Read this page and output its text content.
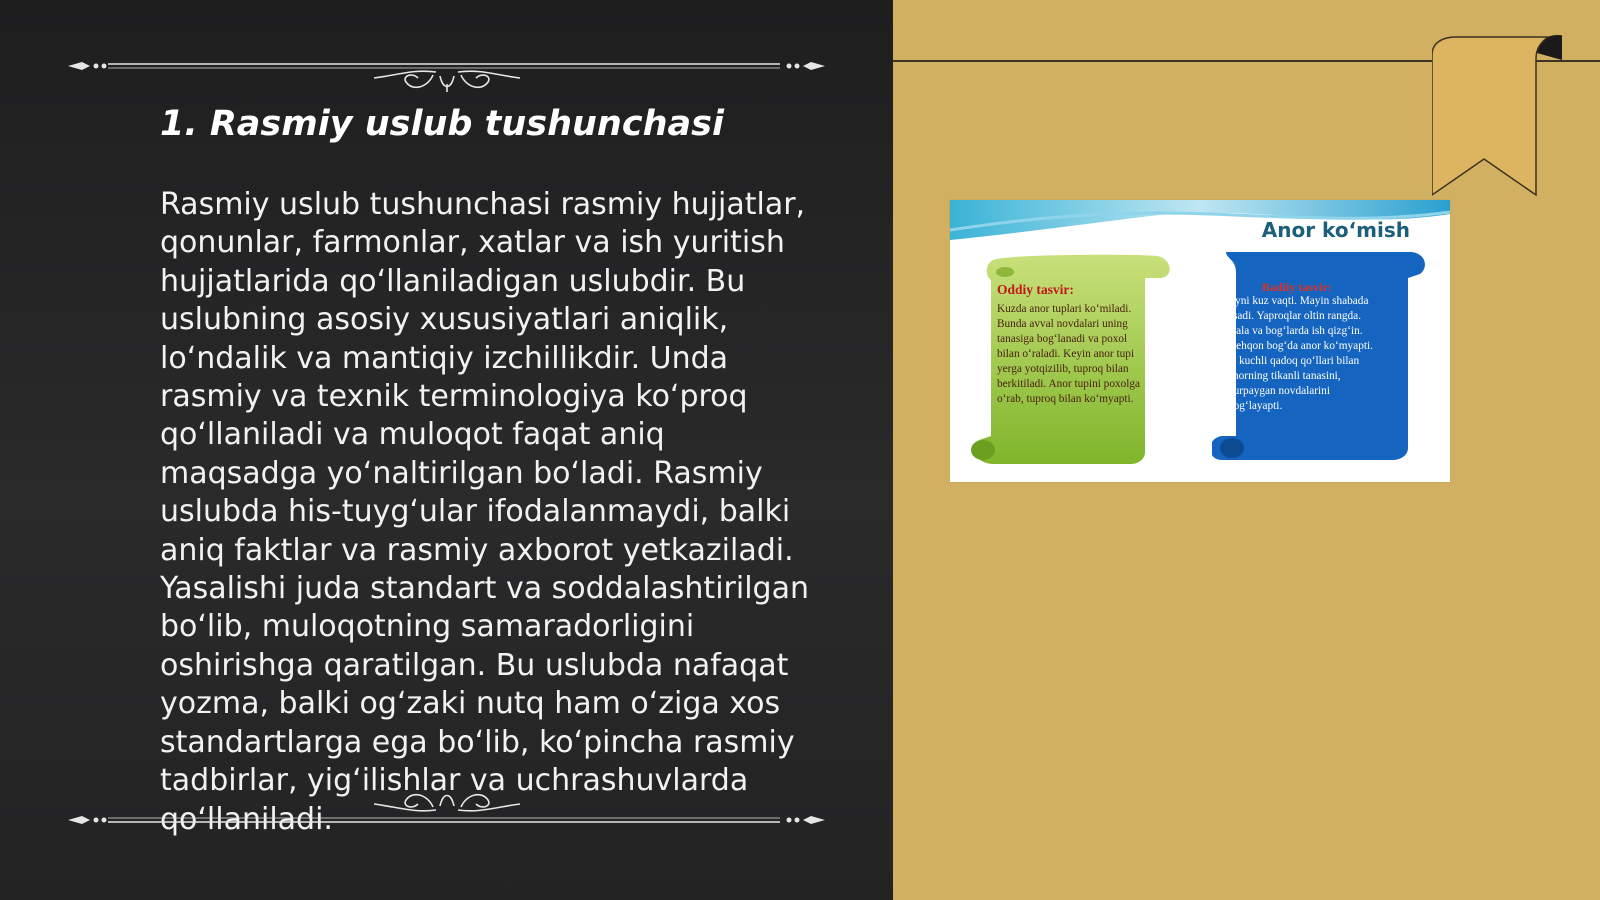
1. Rasmiy uslub tushunchasi

Rasmiy uslub tushunchasi rasmiy hujjatlar, qonunlar, farmonlar, xatlar va ish yuritish hujjatlarida qo‘llaniladigan uslubdir. Bu uslubning asosiy xususiyatlari aniqlik, lo‘ndalik va mantiqiy izchillikdir. Unda rasmiy va texnik terminologiya ko‘proq qo‘llaniladi va muloqot faqat aniq maqsadga yo‘naltirilgan bo‘ladi. Rasmiy uslubda his-tuyg‘ular ifodalanmaydi, balki aniq faktlar va rasmiy axborot yetkaziladi. Yasalishi juda standart va soddalashtirilgan bo‘lib, muloqotning samaradorligini oshirishga qaratilgan. Bu uslubda nafaqat yozma, balki og‘zaki nutq ham o‘ziga xos standartlarga ega bo‘lib, ko‘pincha rasmiy tadbirlar, yig‘ilishlar va uchrashuvlarda qo‘llaniladi.

Anor ko‘mish
Oddiy tasvir:
Kuzda anor tuplari ko‘miladi. Bunda avval novdalari uning tanasiga bog‘lanadi va poxol bilan o‘raladi. Keyin anor tupi yerga yotqizilib, tuproq bilan berkitiladi. Anor tupini poxolga o‘rab, tuproq bilan ko‘myapti.
Badiiy tasvir:
Ayni kuz vaqti. Mayin shabada esadi. Yaproqlar oltin rangda. Dala va bog‘larda ish qizg‘in. Dehqon bog‘da anor ko‘myapti. U kuchli qadoq qo‘llari bilan anorning tikanli tanasini, hurpaygan novdalarini bog‘layapti.
